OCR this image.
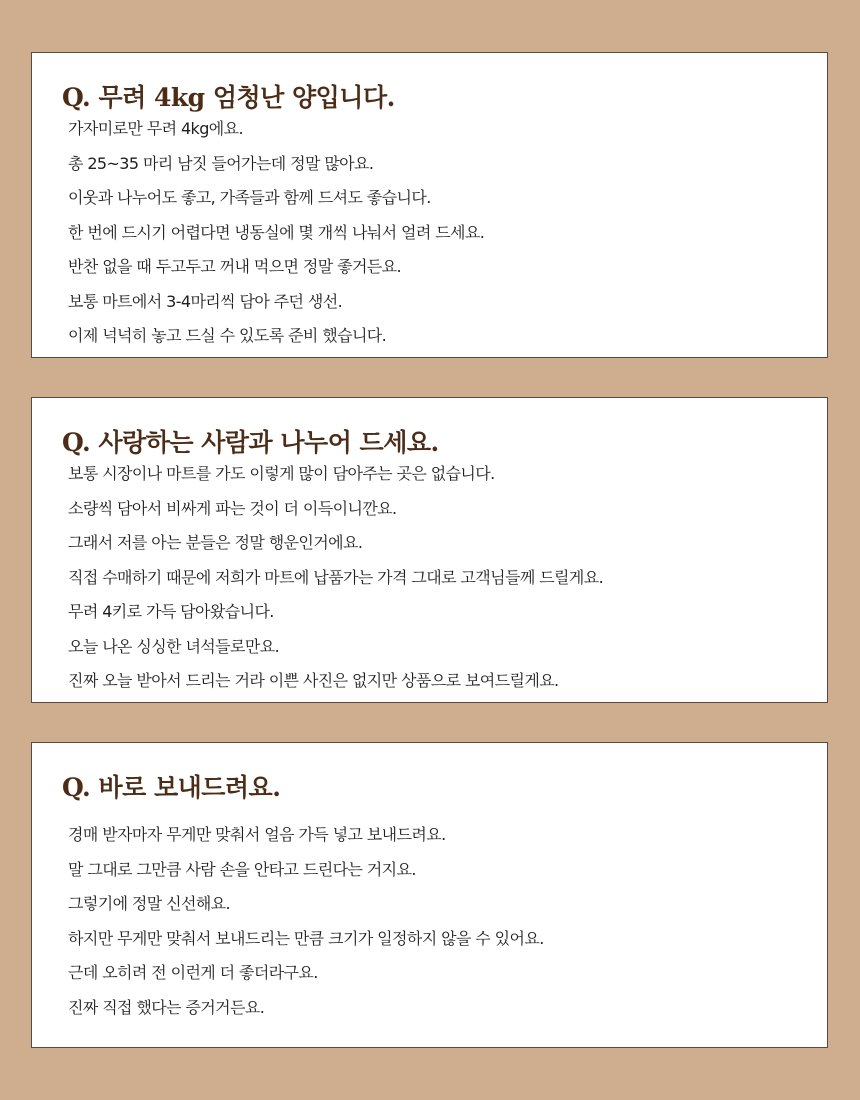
Q. 무려 4kg 엄청난 양입니다.
가자미로만 무려 4kg에요.
총 25~35 마리 남짓 들어가는데 정말 많아요.
이웃과 나누어도 좋고, 가족들과 함께 드셔도 좋습니다.
한 번에 드시기 어렵다면 냉동실에 몇 개씩 나눠서 얼려 드세요.
반찬 없을 때 두고두고 꺼내 먹으면 정말 좋거든요.
보통 마트에서 3-4마리씩 담아 주던 생선.
이제 넉넉히 놓고 드실 수 있도록 준비 했습니다.
Q. 사랑하는 사람과 나누어 드세요.
보통 시장이나 마트를 가도 이렇게 많이 담아주는 곳은 없습니다.
소량씩 담아서 비싸게 파는 것이 더 이득이니깐요.
그래서 저를 아는 분들은 정말 행운인거에요.
직접 수매하기 때문에 저희가 마트에 납품가는 가격 그대로 고객님들께 드릴게요.
무려 4키로 가득 담아왔습니다.
오늘 나온 싱싱한 녀석들로만요.
진짜 오늘 받아서 드리는 거라 이쁜 사진은 없지만 상품으로 보여드릴게요.
Q. 바로 보내드려요.
경매 받자마자 무게만 맞춰서 얼음 가득 넣고 보내드려요.
말 그대로 그만큼 사람 손을 안타고 드린다는 거지요.
그렇기에 정말 신선해요.
하지만 무게만 맞춰서 보내드리는 만큼 크기가 일정하지 않을 수 있어요.
근데 오히려 전 이런게 더 좋더라구요.
진짜 직접 했다는 증거거든요.
